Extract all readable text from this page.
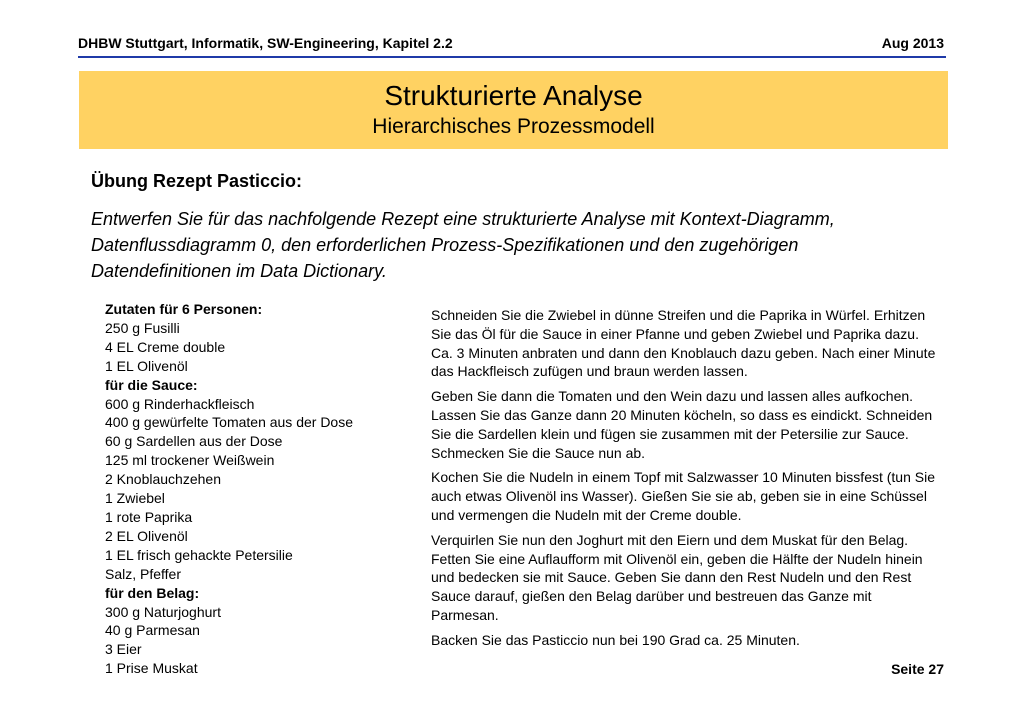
DHBW Stuttgart, Informatik, SW-Engineering, Kapitel 2.2	Aug 2013
Strukturierte Analyse
Hierarchisches Prozessmodell
Übung Rezept Pasticcio:
Entwerfen Sie für das nachfolgende Rezept eine strukturierte Analyse mit Kontext-Diagramm, Datenflussdiagramm 0, den erforderlichen Prozess-Spezifikationen und den zugehörigen Datendefinitionen im Data Dictionary.
Zutaten für 6 Personen:
250 g Fusilli
4 EL Creme double
1 EL Olivenöl
für die Sauce:
600 g Rinderhackfleisch
400 g gewürfelte Tomaten aus der Dose
60 g Sardellen aus der Dose
125 ml trockener Weißwein
2 Knoblauchzehen
1 Zwiebel
1 rote Paprika
2 EL Olivenöl
1 EL frisch gehackte Petersilie
Salz, Pfeffer
für den Belag:
300 g Naturjoghurt
40 g Parmesan
3 Eier
1 Prise Muskat

Schneiden Sie die Zwiebel in dünne Streifen und die Paprika in Würfel. Erhitzen Sie das Öl für die Sauce in einer Pfanne und geben Zwiebel und Paprika dazu. Ca. 3 Minuten anbraten und dann den Knoblauch dazu geben. Nach einer Minute das Hackfleisch zufügen und braun werden lassen.

Geben Sie dann die Tomaten und den Wein dazu und lassen alles aufkochen. Lassen Sie das Ganze dann 20 Minuten köcheln, so dass es eindickt. Schneiden Sie die Sardellen klein und fügen sie zusammen mit der Petersilie zur Sauce. Schmecken Sie die Sauce nun ab.

Kochen Sie die Nudeln in einem Topf mit Salzwasser 10 Minuten bissfest (tun Sie auch etwas Olivenöl ins Wasser). Gießen Sie sie ab, geben sie in eine Schüssel und vermengen die Nudeln mit der Creme double.

Verquirlen Sie nun den Joghurt mit den Eiern und dem Muskat für den Belag. Fetten Sie eine Auflaufform mit Olivenöl ein, geben die Hälfte der Nudeln hinein und bedecken sie mit Sauce. Geben Sie dann den Rest Nudeln und den Rest Sauce darauf, gießen den Belag darüber und bestreuen das Ganze mit Parmesan.

Backen Sie das Pasticcio nun bei 190 Grad ca. 25 Minuten.

Seite 27
